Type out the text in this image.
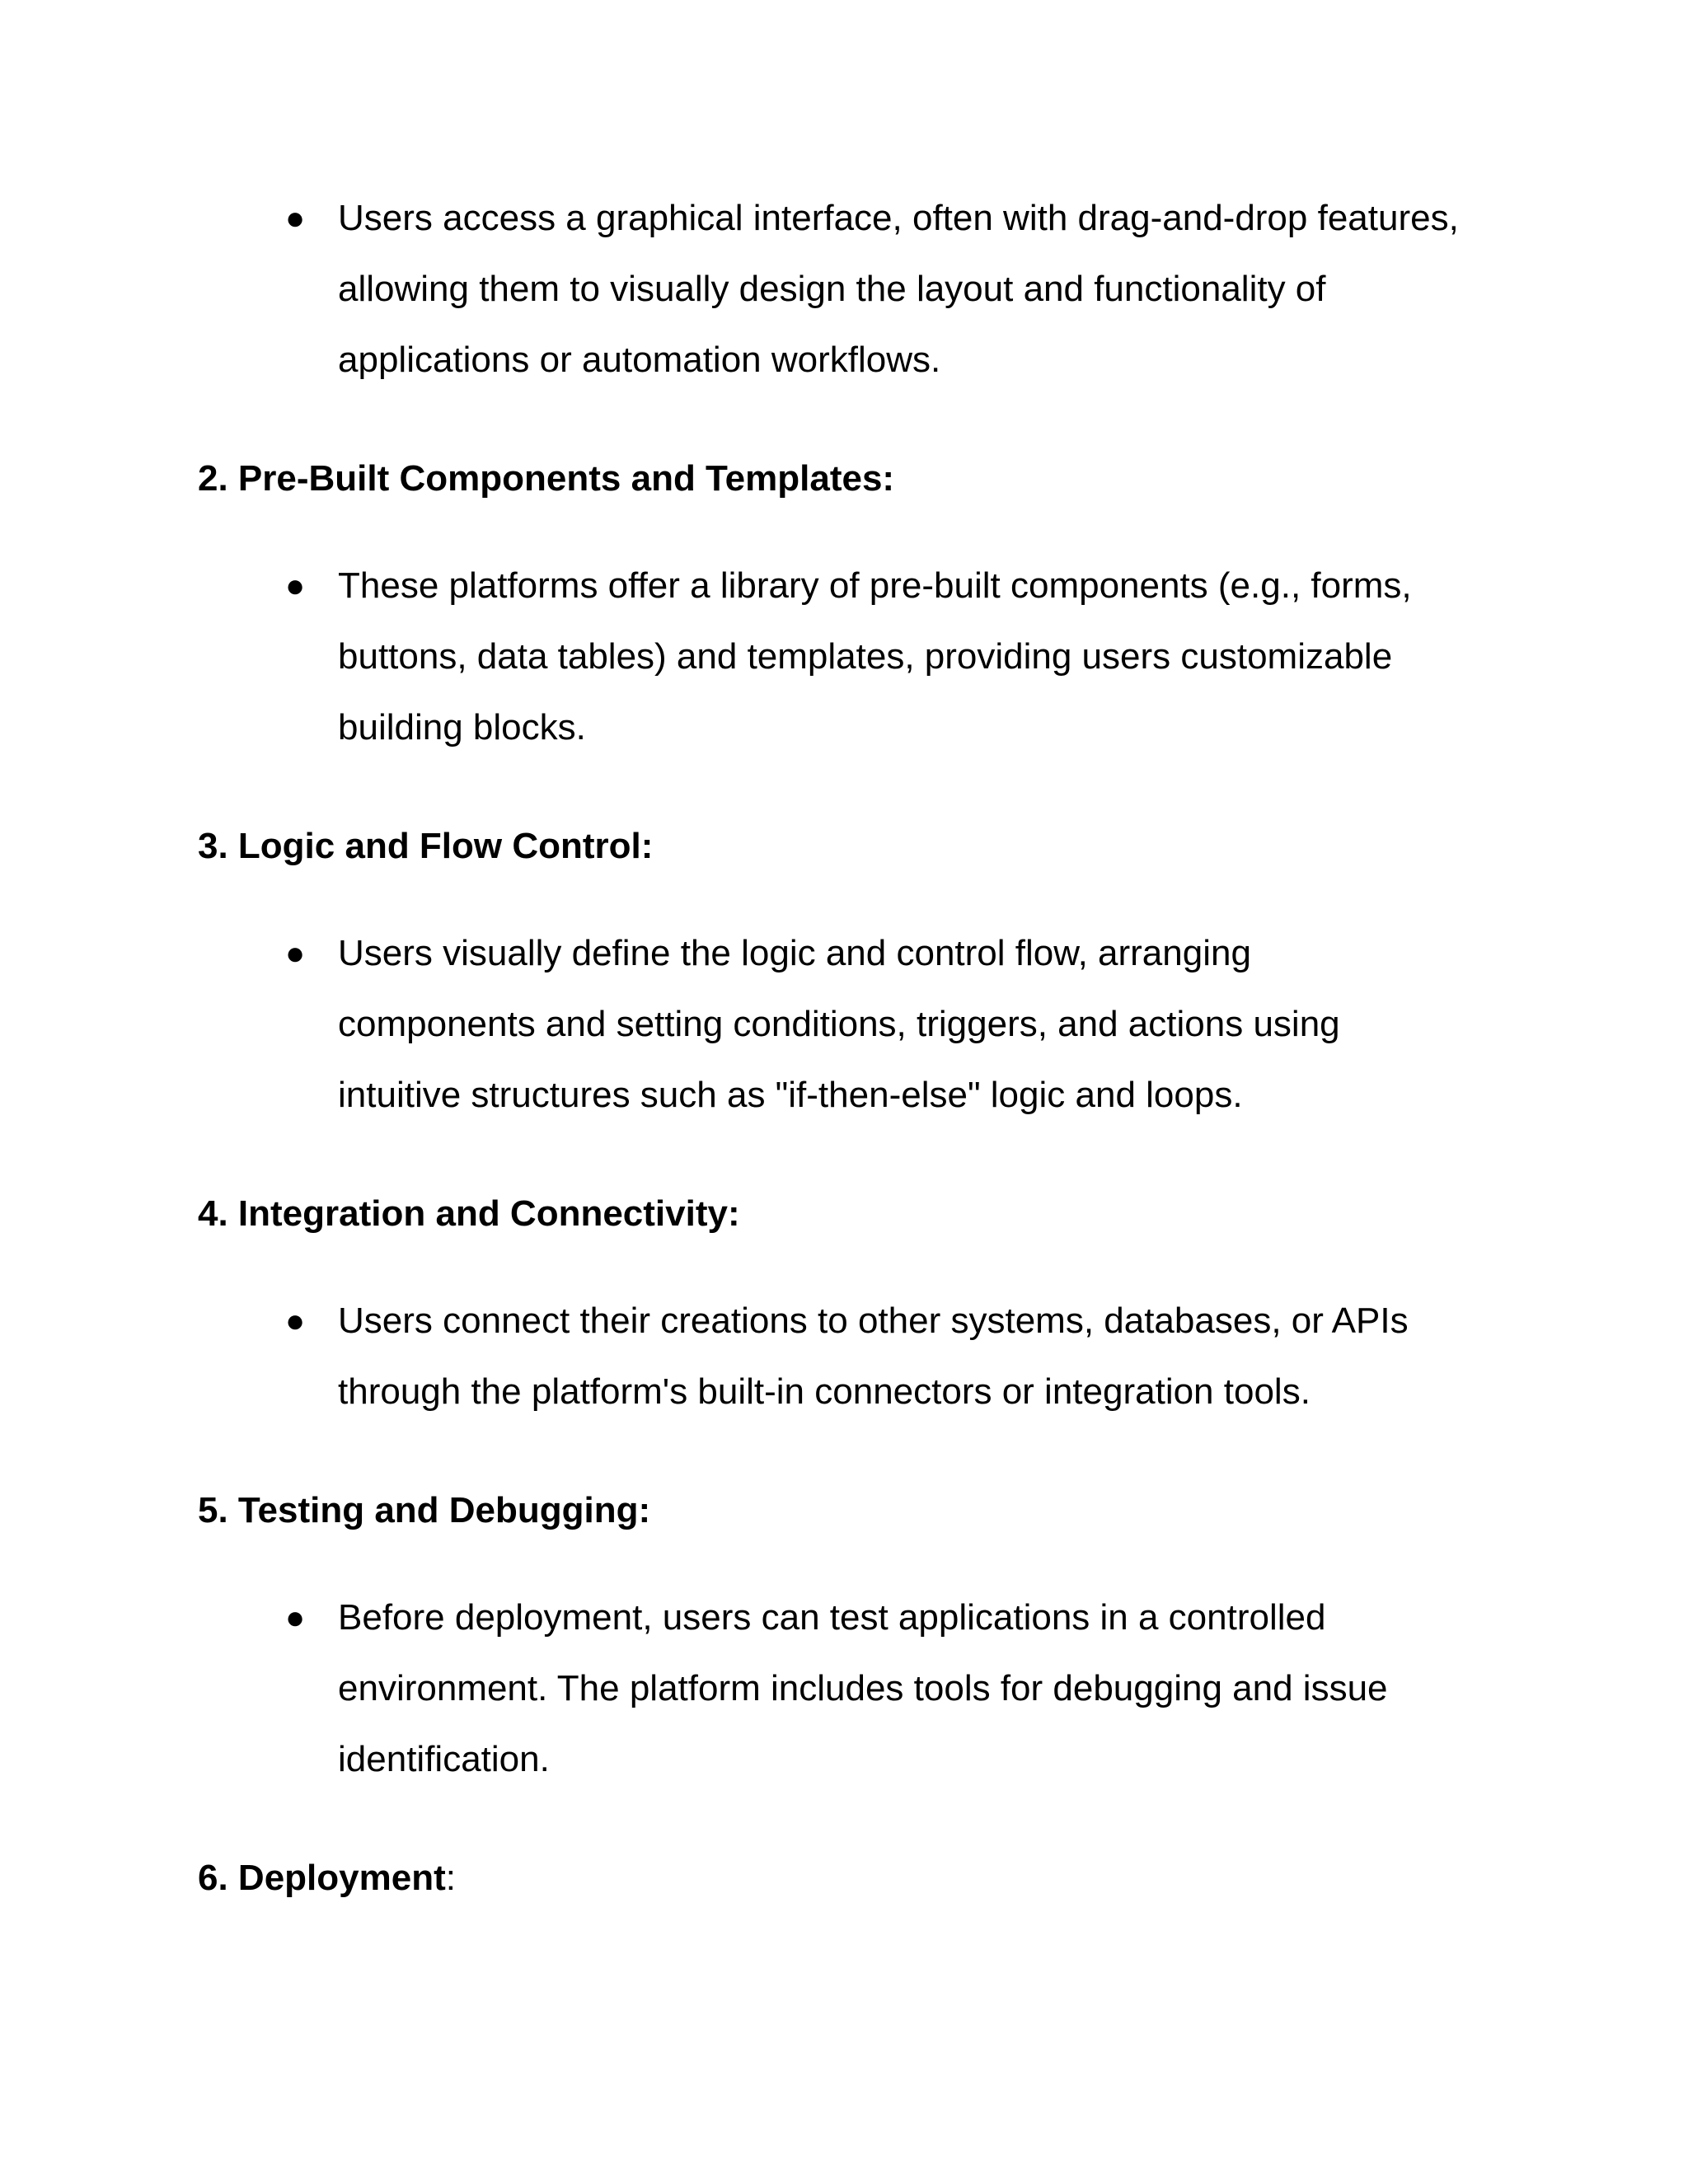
● Users access a graphical interface, often with drag-and-drop features,
allowing them to visually design the layout and functionality of
applications or automation workflows.
2. Pre-Built Components and Templates:
● These platforms offer a library of pre-built components (e.g., forms,
buttons, data tables) and templates, providing users customizable
building blocks.
3. Logic and Flow Control:
● Users visually define the logic and control flow, arranging
components and setting conditions, triggers, and actions using
intuitive structures such as "if-then-else" logic and loops.
4. Integration and Connectivity:
● Users connect their creations to other systems, databases, or APIs
through the platform's built-in connectors or integration tools.
5. Testing and Debugging:
● Before deployment, users can test applications in a controlled
environment. The platform includes tools for debugging and issue
identification.
6. Deployment:
